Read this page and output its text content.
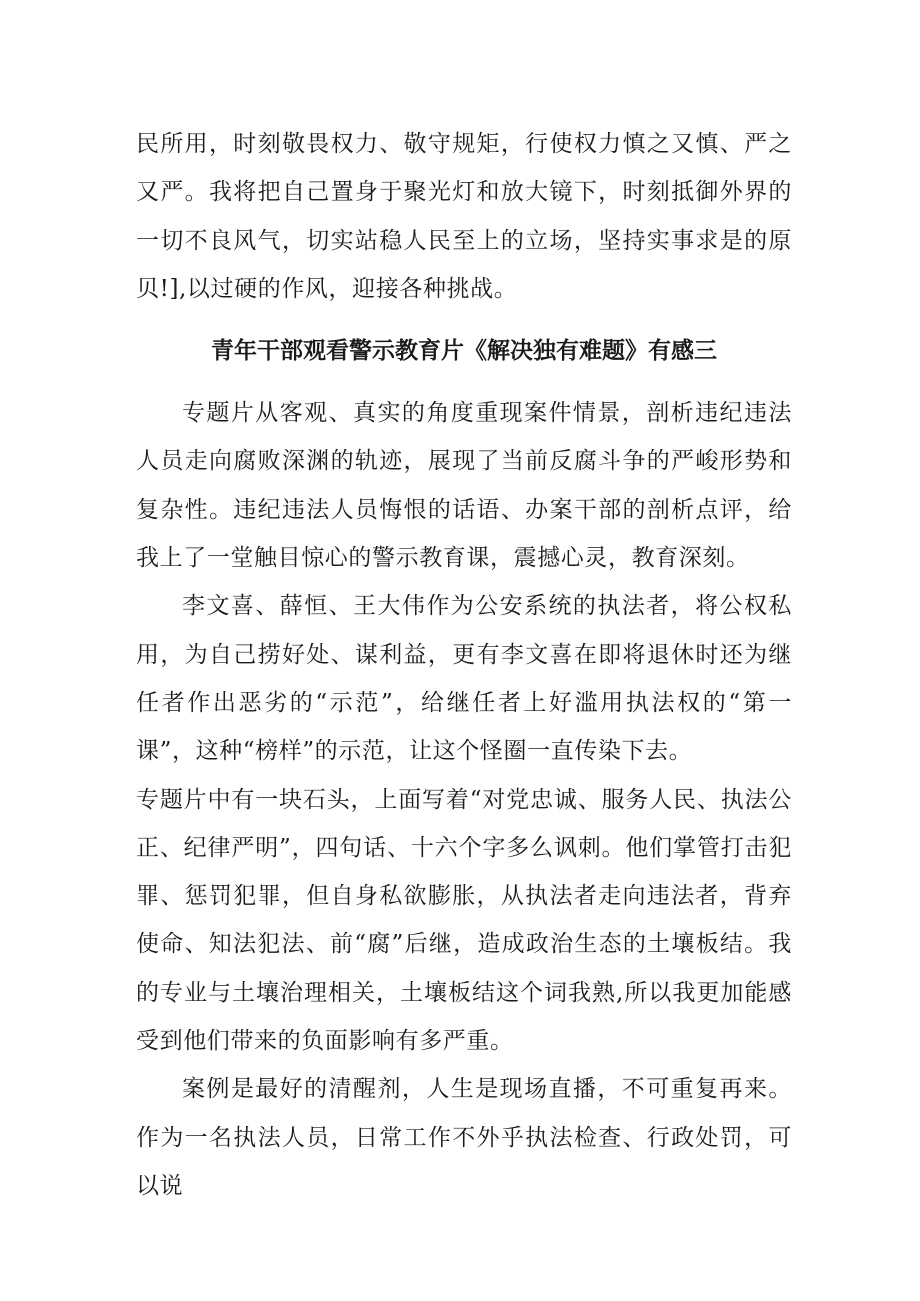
民所用，时刻敬畏权力、敬守规矩，行使权力慎之又慎、严之又严。我将把自己置身于聚光灯和放大镜下，时刻抵御外界的一切不良风气，切实站稳人民至上的立场，坚持实事求是的原贝!],以过硬的作风，迎接各种挑战。

青年干部观看警示教育片《解决独有难题》有感三

专题片从客观、真实的角度重现案件情景，剖析违纪违法人员走向腐败深渊的轨迹，展现了当前反腐斗争的严峻形势和复杂性。违纪违法人员悔恨的话语、办案干部的剖析点评，给我上了一堂触目惊心的警示教育课，震撼心灵，教育深刻。

李文喜、薛恒、王大伟作为公安系统的执法者，将公权私用，为自己捞好处、谋利益，更有李文喜在即将退休时还为继任者作出恶劣的“示范”，给继任者上好滥用执法权的“第一课”，这种“榜样”的示范，让这个怪圈一直传染下去。

专题片中有一块石头，上面写着“对党忠诚、服务人民、执法公正、纪律严明”，四句话、十六个字多么讽刺。他们掌管打击犯罪、惩罚犯罪，但自身私欲膨胀，从执法者走向违法者，背弃使命、知法犯法、前“腐”后继，造成政治生态的土壤板结。我的专业与土壤治理相关，土壤板结这个词我熟,所以我更加能感受到他们带来的负面影响有多严重。

案例是最好的清醒剂，人生是现场直播，不可重复再来。作为一名执法人员，日常工作不外乎执法检查、行政处罚，可以说
